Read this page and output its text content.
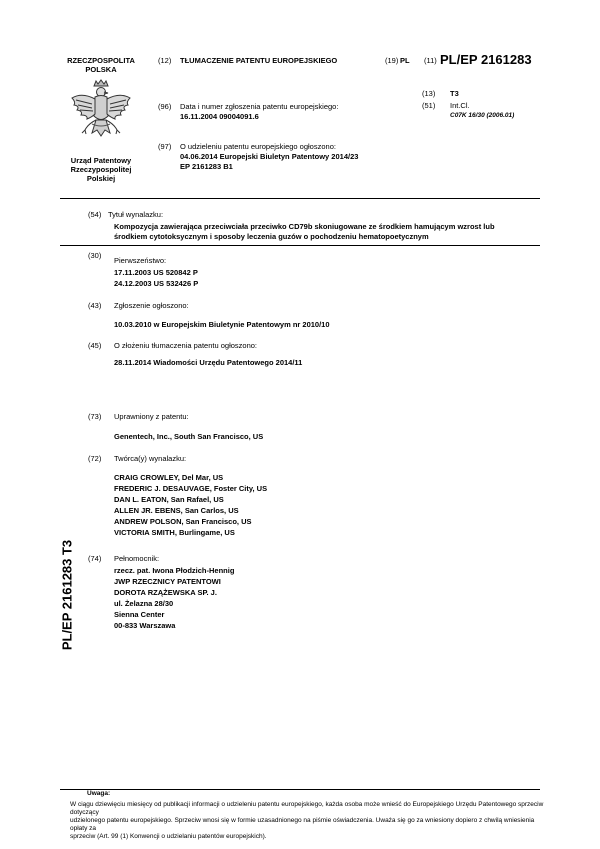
RZECZPOSPOLITA
POLSKA
Urząd Patentowy
Rzeczypospolitej
Polskiej
(12) TŁUMACZENIE PATENTU EUROPEJSKIEGO
(96) Data i numer zgłoszenia patentu europejskiego:
16.11.2004 09004091.6
(97) O udzieleniu patentu europejskiego ogłoszono:
04.06.2014 Europejski Biuletyn Patentowy 2014/23
EP 2161283 B1
(19) PL (11) PL/EP 2161283
(13) T3
(51) Int.Cl.
C07K 16/30 (2006.01)
(54) Tytuł wynalazku:
Kompozycja zawierająca przeciwciała przeciwko CD79b skoniugowane ze środkiem hamującym wzrost lub
środkiem cytotoksycznym i sposoby leczenia guzów o pochodzeniu hematopoetycznym
(30)
Pierwszeństwo:
17.11.2003 US 520842 P
24.12.2003 US 532426 P
(43) Zgłoszenie ogłoszono:
10.03.2010 w Europejskim Biuletynie Patentowym nr 2010/10
(45) O złożeniu tłumaczenia patentu ogłoszono:
28.11.2014 Wiadomości Urzędu Patentowego 2014/11
(73) Uprawniony z patentu:
Genentech, Inc., South San Francisco, US
(72) Twórca(y) wynalazku:
CRAIG CROWLEY, Del Mar, US
FREDERIC J. DESAUVAGE, Foster City, US
DAN L. EATON, San Rafael, US
ALLEN JR. EBENS, San Carlos, US
ANDREW POLSON, San Francisco, US
VICTORIA SMITH, Burlingame, US
(74) Pełnomocnik:
rzecz. pat. Iwona Płodzich-Hennig
JWP RZECZNICY PATENTOWI
DOROTA RZĄŻEWSKA SP. J.
ul. Żelazna 28/30
Sienna Center
00-833 Warszawa
PL/EP 2161283 T3
Uwaga:
W ciągu dziewięciu miesięcy od publikacji informacji o udzieleniu patentu europejskiego, każda osoba może wnieść do Europejskiego Urzędu Patentowego sprzeciw dotyczący
udzielonego patentu europejskiego. Sprzeciw wnosi się w formie uzasadnionego na piśmie oświadczenia. Uważa się go za wniesiony dopiero z chwilą wniesienia opłaty za
sprzeciw (Art. 99 (1) Konwencji o udzielaniu patentów europejskich).
